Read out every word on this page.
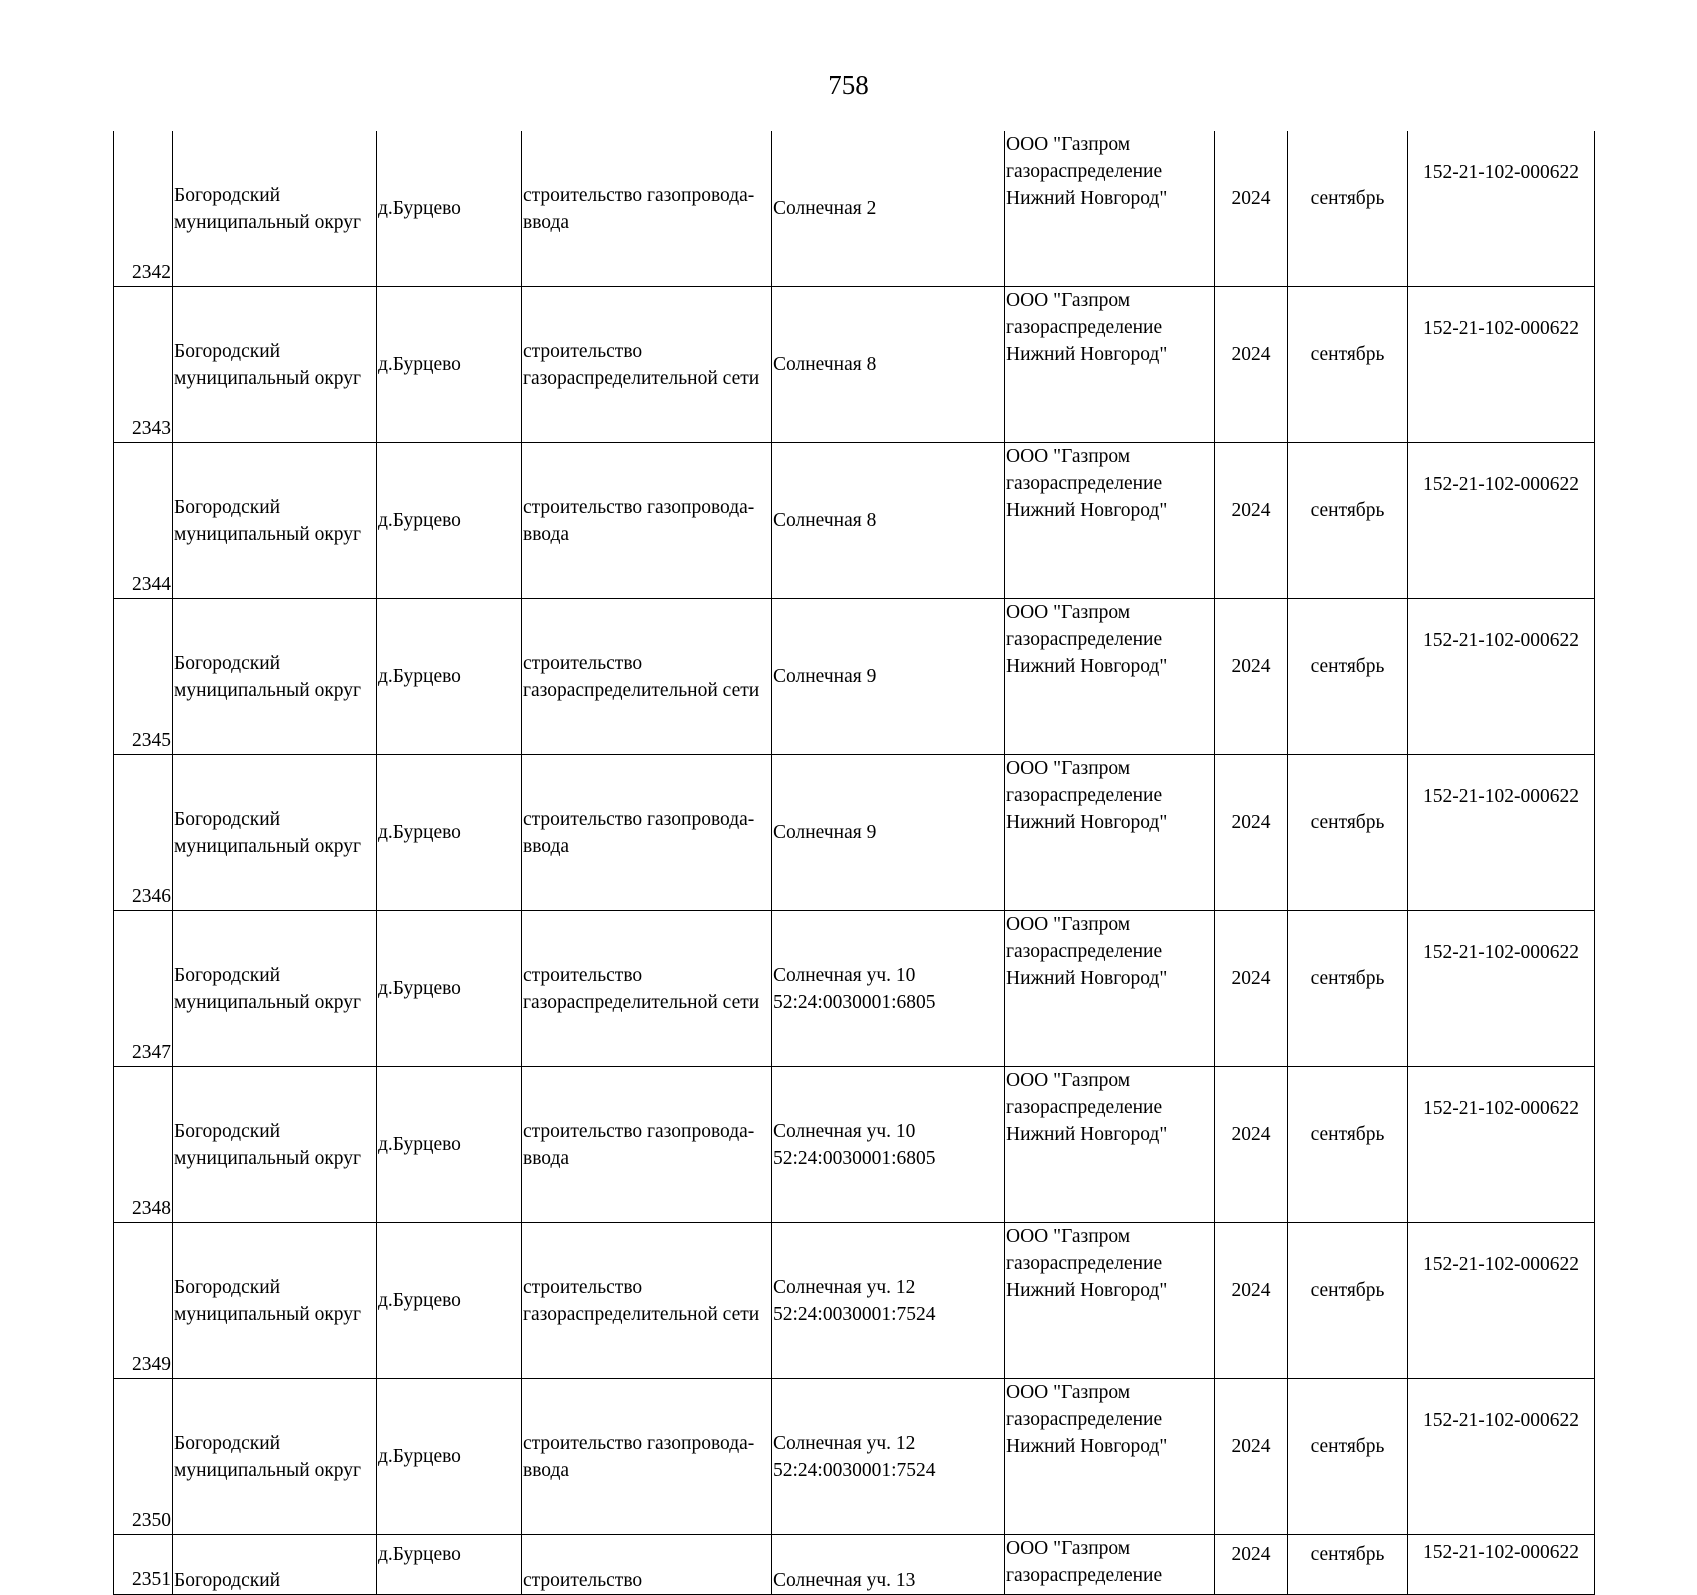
758
2342	Богородский
муниципальный округ	д.Бурцево	строительство газопровода-
ввода	Солнечная 2	ООО "Газпром
газораспределение
Нижний Новгород"	2024	сентябрь	152-21-102-000622
2343	Богородский
муниципальный округ	д.Бурцево	строительство
газораспределительной сети	Солнечная 8	ООО "Газпром
газораспределение
Нижний Новгород"	2024	сентябрь	152-21-102-000622
2344	Богородский
муниципальный округ	д.Бурцево	строительство газопровода-
ввода	Солнечная 8	ООО "Газпром
газораспределение
Нижний Новгород"	2024	сентябрь	152-21-102-000622
2345	Богородский
муниципальный округ	д.Бурцево	строительство
газораспределительной сети	Солнечная 9	ООО "Газпром
газораспределение
Нижний Новгород"	2024	сентябрь	152-21-102-000622
2346	Богородский
муниципальный округ	д.Бурцево	строительство газопровода-
ввода	Солнечная 9	ООО "Газпром
газораспределение
Нижний Новгород"	2024	сентябрь	152-21-102-000622
2347	Богородский
муниципальный округ	д.Бурцево	строительство
газораспределительной сети	Солнечная уч. 10
52:24:0030001:6805	ООО "Газпром
газораспределение
Нижний Новгород"	2024	сентябрь	152-21-102-000622
2348	Богородский
муниципальный округ	д.Бурцево	строительство газопровода-
ввода	Солнечная уч. 10
52:24:0030001:6805	ООО "Газпром
газораспределение
Нижний Новгород"	2024	сентябрь	152-21-102-000622
2349	Богородский
муниципальный округ	д.Бурцево	строительство
газораспределительной сети	Солнечная уч. 12
52:24:0030001:7524	ООО "Газпром
газораспределение
Нижний Новгород"	2024	сентябрь	152-21-102-000622
2350	Богородский
муниципальный округ	д.Бурцево	строительство газопровода-
ввода	Солнечная уч. 12
52:24:0030001:7524	ООО "Газпром
газораспределение
Нижний Новгород"	2024	сентябрь	152-21-102-000622
2351	Богородский	д.Бурцево	строительство	Солнечная уч. 13	ООО "Газпром
газораспределение	2024	сентябрь	152-21-102-000622
